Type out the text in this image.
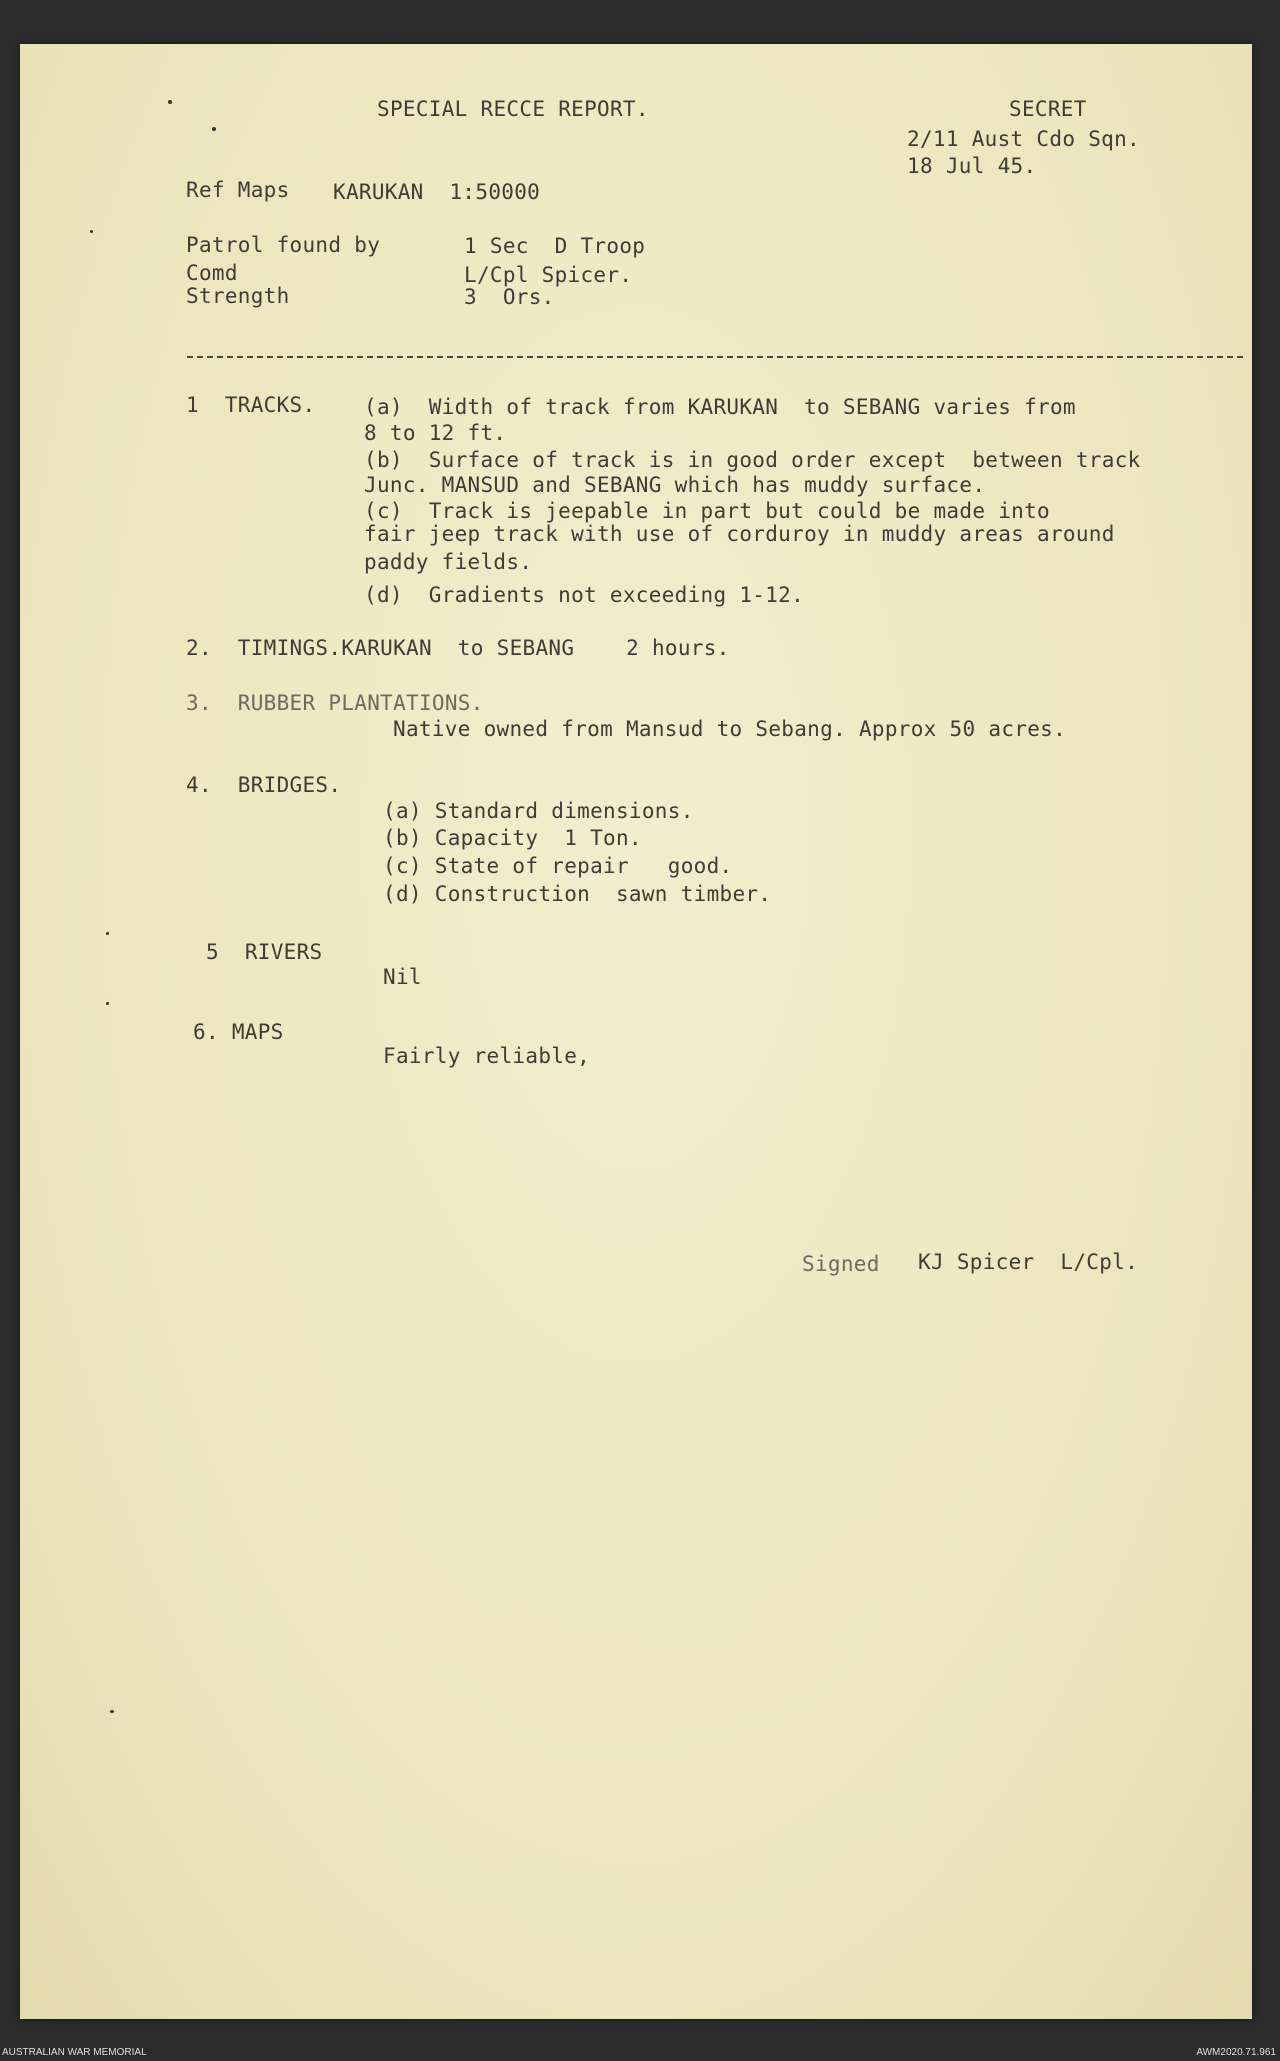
SPECIAL RECCE REPORT.	SECRET
2/11 Aust Cdo Sqn.
18 Jul 45.
Ref Maps KARUKAN  1:50000
Patrol found by	1 Sec  D Troop
Comd	L/Cpl Spicer.
Strength	3  Ors.
1  TRACKS. (a)  Width of track from KARUKAN  to SEBANG varies from
8 to 12 ft.
(b)  Surface of track is in good order except  between track
Junc. MANSUD and SEBANG which has muddy surface.
(c)  Track is jeepable in part but could be made into
fair jeep track with use of corduroy in muddy areas around
paddy fields.
(d)  Gradients not exceeding 1-12.
2.  TIMINGS.KARUKAN  to SEBANG    2 hours.
3.  RUBBER PLANTATIONS.
Native owned from Mansud to Sebang. Approx 50 acres.
4.  BRIDGES.
(a) Standard dimensions.
(b) Capacity  1 Ton.
(c) State of repair   good.
(d) Construction  sawn timber.
5  RIVERS
Nil
6. MAPS
Fairly reliable,
Signed KJ Spicer  L/Cpl.
AUSTRALIAN WAR MEMORIAL	AWM2020.71.961
